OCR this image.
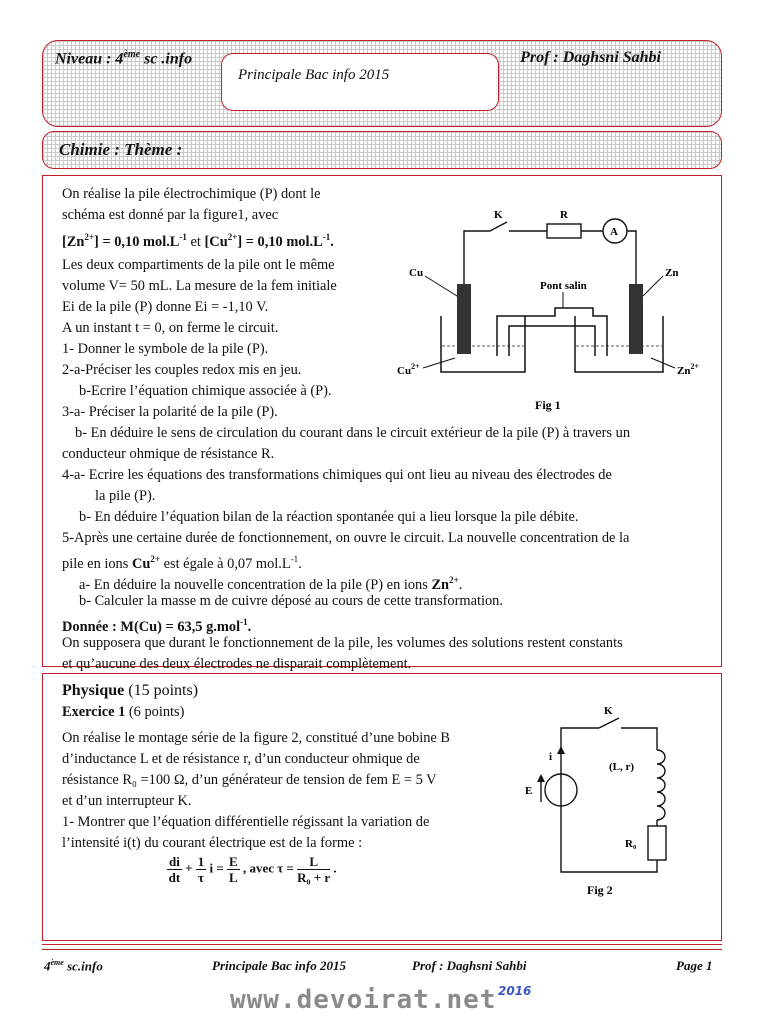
Niveau : 4ème sc .info
Principale Bac info 2015
Prof : Daghsni Sahbi
Chimie : Thème :
On réalise la pile électrochimique (P) dont le
schéma est donné par la figure1, avec
$[Zn^{2+}] = 0,10$ $mol.L^{-1}$ et $[Cu^{2+}] = 0,10$ $mol.L^{-1}$.
Les deux compartiments de la pile ont le même
volume V= 50 mL. La mesure de la fem initiale
Ei de la pile (P) donne Ei = -1,10 V.
A un instant t = 0, on ferme le circuit.
1- Donner le symbole de la pile (P).
2-a-Préciser les couples redox mis en jeu.
b-Ecrire l’équation chimique associée à (P).
3-a- Préciser la polarité de la pile (P).
b- En déduire le sens de circulation du courant dans le circuit extérieur de la pile (P) à travers un
conducteur ohmique de résistance R.
4-a- Ecrire les équations des transformations chimiques qui ont lieu au niveau des électrodes de
la pile (P).
b- En déduire l’équation bilan de la réaction spontanée qui a lieu lorsque la pile débite.
5-Après une certaine durée de fonctionnement, on ouvre le circuit. La nouvelle concentration de la
pile en ions $Cu^{2+}$ est égale à 0,07 $mol.L^{-1}$.
a- En déduire la nouvelle concentration de la pile (P) en ions $Zn^{2+}$.
b- Calculer la masse m de cuivre déposé au cours de cette transformation.
Donnée : M(Cu) = 63,5 g.mol$^{-1}$.
On supposera que durant le fonctionnement de la pile, les volumes des solutions restent constants
et qu’aucune des deux électrodes ne disparait complètement.
K	R
A
Cu	Zn
Pont salin
$Cu^{2+}$	$Zn^{2+}$
Fig 1
Physique (15 points)
Exercice 1 (6 points)
On réalise le montage série de la figure 2, constitué d’une bobine B
d’inductance L et de résistance r, d’un conducteur ohmique de
résistance R₀ =100 Ω, d’un générateur de tension de fem E = 5 V
et d’un interrupteur K.
1- Montrer que l’équation différentielle régissant la variation de
l’intensité i(t) du courant électrique est de la forme :
$\frac{di}{dt} + \frac{1}{\tau}$ $i = \frac{E}{L}$ , avec $\tau = \frac{L}{\text{R₀ + r}}$ .
K
i
E
(L, r)
R₀
Fig 2
4ème sc.info	Principale Bac info 2015	Prof : Daghsni Sahbi	Page 1
www.devoirat.net 2016
